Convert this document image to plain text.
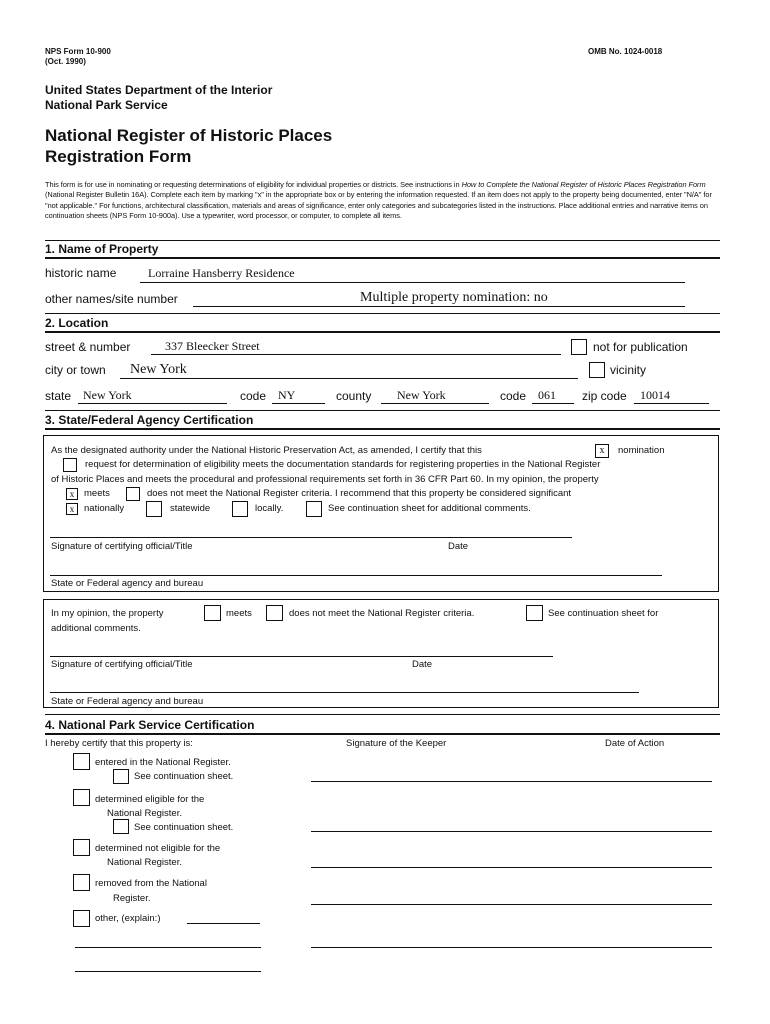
NPS Form 10-900
(Oct. 1990)
OMB No. 1024-0018
United States Department of the Interior
National Park Service
National Register of Historic Places
Registration Form
This form is for use in nominating or requesting determinations of eligibility for individual properties or districts. See instructions in How to Complete the National Register of Historic Places Registration Form (National Register Bulletin 16A). Complete each item by marking "x" in the appropriate box or by entering the information requested. If an item does not apply to the property being documented, enter "N/A" for "not applicable." For functions, architectural classification, materials and areas of significance, enter only categories and subcategories listed in the instructions. Place additional entries and narrative items on continuation sheets (NPS Form 10-900a). Use a typewriter, word processor, or computer, to complete all items.
1. Name of Property
historic name	Lorraine Hansberry Residence
other names/site number	Multiple property nomination: no
2. Location
street & number	337 Bleecker Street	not for publication
city or town New York	vicinity
state New York	code NY	county New York	code 061 zip code 10014
3. State/Federal Agency Certification
As the designated authority under the National Historic Preservation Act, as amended, I certify that this	x	nomination
request for determination of eligibility meets the documentation standards for registering properties in the National Register
of Historic Places and meets the procedural and professional requirements set forth in 36 CFR Part 60. In my opinion, the property
x	meets	does not meet the National Register criteria. I recommend that this property be considered significant
x	nationally	statewide	locally.	See continuation sheet for additional comments.
Signature of certifying official/Title	Date
State or Federal agency and bureau
In my opinion, the property	meets	does not meet the National Register criteria.	See continuation sheet for
additional comments.
Signature of certifying official/Title	Date
State or Federal agency and bureau
4. National Park Service Certification
I hereby certify that this property is:	Signature of the Keeper	Date of Action
entered in the National Register.
See continuation sheet.
determined eligible for the
National Register.
See continuation sheet.
determined not eligible for the
National Register.
removed from the National
Register.
other, (explain:)
